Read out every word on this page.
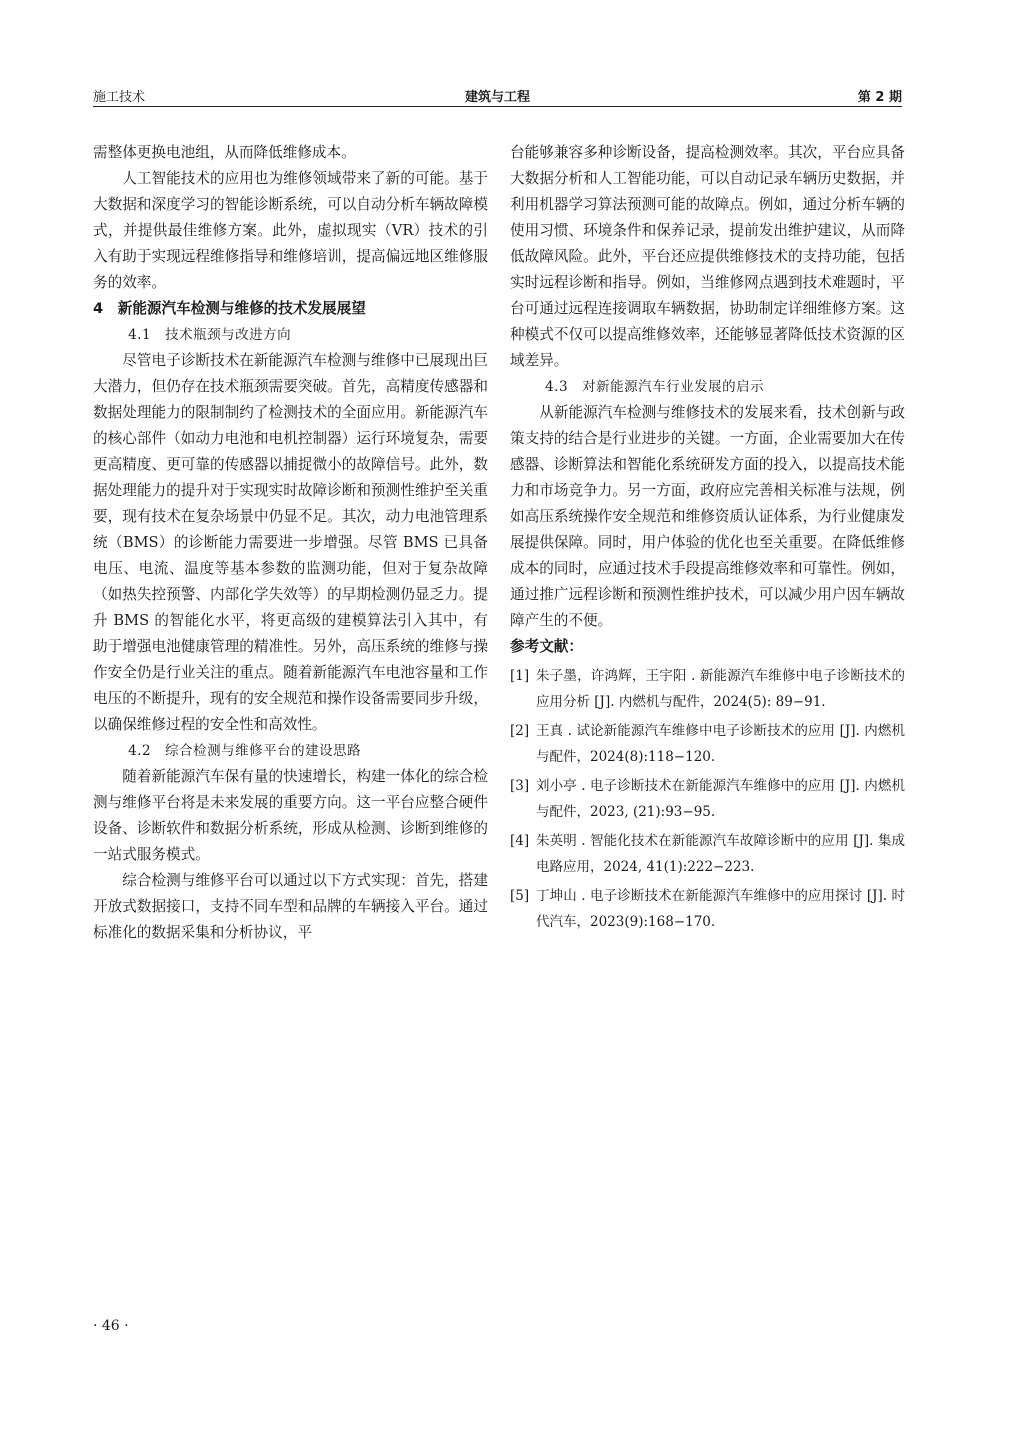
施工技术	建筑与工程	第 2 期

需整体更换电池组，从而降低维修成本。

人工智能技术的应用也为维修领域带来了新的可能。基于大数据和深度学习的智能诊断系统，可以自动分析车辆故障模式，并提供最佳维修方案。此外，虚拟现实（VR）技术的引入有助于实现远程维修指导和维修培训，提高偏远地区维修服务的效率。

4　新能源汽车检测与维修的技术发展展望

4.1　技术瓶颈与改进方向

尽管电子诊断技术在新能源汽车检测与维修中已展现出巨大潜力，但仍存在技术瓶颈需要突破。首先，高精度传感器和数据处理能力的限制制约了检测技术的全面应用。新能源汽车的核心部件（如动力电池和电机控制器）运行环境复杂，需要更高精度、更可靠的传感器以捕捉微小的故障信号。此外，数据处理能力的提升对于实现实时故障诊断和预测性维护至关重要，现有技术在复杂场景中仍显不足。其次，动力电池管理系统（BMS）的诊断能力需要进一步增强。尽管 BMS 已具备电压、电流、温度等基本参数的监测功能，但对于复杂故障（如热失控预警、内部化学失效等）的早期检测仍显乏力。提升 BMS 的智能化水平，将更高级的建模算法引入其中，有助于增强电池健康管理的精准性。另外，高压系统的维修与操作安全仍是行业关注的重点。随着新能源汽车电池容量和工作电压的不断提升，现有的安全规范和操作设备需要同步升级，以确保维修过程的安全性和高效性。

4.2　综合检测与维修平台的建设思路

随着新能源汽车保有量的快速增长，构建一体化的综合检测与维修平台将是未来发展的重要方向。这一平台应整合硬件设备、诊断软件和数据分析系统，形成从检测、诊断到维修的一站式服务模式。

综合检测与维修平台可以通过以下方式实现：首先，搭建开放式数据接口，支持不同车型和品牌的车辆接入平台。通过标准化的数据采集和分析协议，平

台能够兼容多种诊断设备，提高检测效率。其次，平台应具备大数据分析和人工智能功能，可以自动记录车辆历史数据，并利用机器学习算法预测可能的故障点。例如，通过分析车辆的使用习惯、环境条件和保养记录，提前发出维护建议，从而降低故障风险。此外，平台还应提供维修技术的支持功能，包括实时远程诊断和指导。例如，当维修网点遇到技术难题时，平台可通过远程连接调取车辆数据，协助制定详细维修方案。这种模式不仅可以提高维修效率，还能够显著降低技术资源的区域差异。

4.3　对新能源汽车行业发展的启示

从新能源汽车检测与维修技术的发展来看，技术创新与政策支持的结合是行业进步的关键。一方面，企业需要加大在传感器、诊断算法和智能化系统研发方面的投入，以提高技术能力和市场竞争力。另一方面，政府应完善相关标准与法规，例如高压系统操作安全规范和维修资质认证体系，为行业健康发展提供保障。同时，用户体验的优化也至关重要。在降低维修成本的同时，应通过技术手段提高维修效率和可靠性。例如，通过推广远程诊断和预测性维护技术，可以减少用户因车辆故障产生的不便。

参考文献：

[1] 朱子墨，许鸿辉，王宇阳 . 新能源汽车维修中电子诊断技术的应用分析 [J]. 内燃机与配件，2024(5): 89−91.
[2] 王真 . 试论新能源汽车维修中电子诊断技术的应用 [J]. 内燃机与配件，2024(8):118−120.
[3] 刘小亭 . 电子诊断技术在新能源汽车维修中的应用 [J]. 内燃机与配件，2023, (21):93−95.
[4] 朱英明 . 智能化技术在新能源汽车故障诊断中的应用 [J]. 集成电路应用，2024, 41(1):222−223.
[5] 丁坤山 . 电子诊断技术在新能源汽车维修中的应用探讨 [J]. 时代汽车，2023(9):168−170.
· 46 ·
